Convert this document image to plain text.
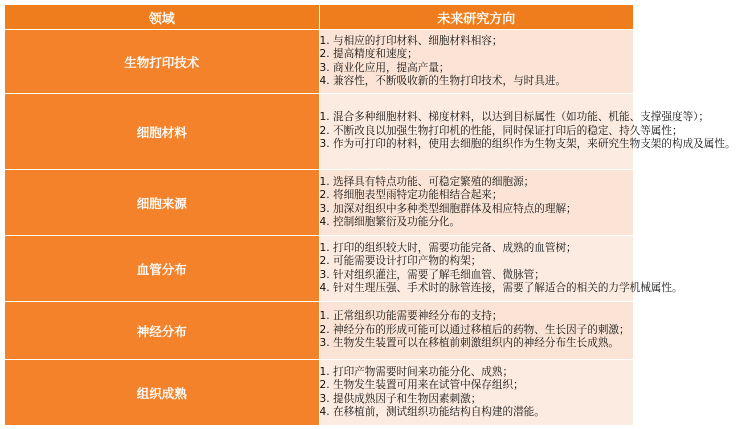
领域	未来研究方向
生物打印技术	1. 与相应的打印材料、细胞材料相容；
2. 提高精度和速度；
3. 商业化应用，提高产量；
4. 兼容性，不断吸收新的生物打印技术，与时具进。

细胞材料	1. 混合多种细胞材料、梯度材料，以达到目标属性（如功能、机能、支撑强度等）；
2. 不断改良以加强生物打印机的性能，同时保证打印后的稳定、持久等属性；
3. 作为可打印的材料，使用去细胞的组织作为生物支架，来研究生物支架的构成及属性。

细胞来源	1. 选择具有特点功能、可稳定繁殖的细胞源；
2. 将细胞表型雨特定功能相结合起来；
3. 加深对组织中多种类型细胞群体及相应特点的理解；
4. 控制细胞繁衍及功能分化。

血管分布	1. 打印的组织较大时，需要功能完备、成熟的血管树；
2. 可能需要设计打印产物的构架；
3. 针对组织灌注，需要了解毛细血管、微脉管；
4. 针对生理压强、手术时的脉管连接，需要了解适合的相关的力学机械属性。

神经分布	1. 正常组织功能需要神经分布的支持；
2. 神经分布的形成可能可以通过移植后的药物、生长因子的刺激；
3. 生物发生装置可以在移植前刺激组织内的神经分布生长成熟。

组织成熟	1. 打印产物需要时间来功能分化、成熟；
2. 生物发生装置可用来在试管中保存组织；
3. 提供成熟因子和生物因素刺激；
4. 在移植前，测试组织功能结构自构建的潜能。
